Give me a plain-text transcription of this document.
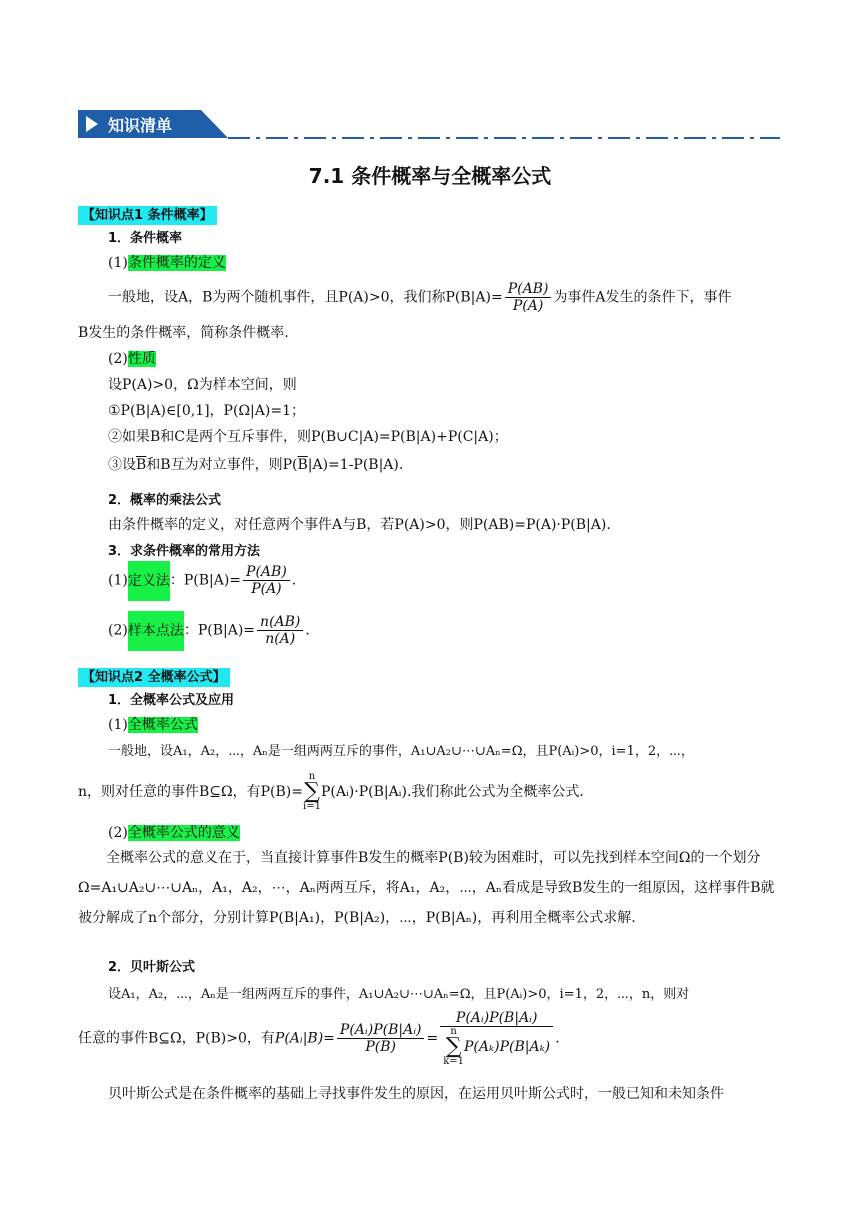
知识清单
7.1 条件概率与全概率公式
【知识点1 条件概率】
1．条件概率
(1)条件概率的定义
一般地，设A，B为两个随机事件，且P(A)>0，我们称$P(B|A)= \frac{P(AB)}{P(A)}$ 为事件A发生的条件下，事件
B发生的条件概率，简称条件概率.
(2)性质
设P(A)>0，Ω为样本空间，则
①P(B|A)∈[0,1]，P(Ω|A)=1；
②如果B和C是两个互斥事件，则P(B∪C|A)=P(B|A)+P(C|A)；
③设$\overline{B}$和B互为对立事件，则$P(\overline{B}|A)=1-P(B|A)$.
2．概率的乘法公式
由条件概率的定义，对任意两个事件A与B，若P(A)>0，则P(AB)=P(A)·P(B|A).
3．求条件概率的常用方法
(1)定义法：$P(B|A)= \frac{P(AB)}{P(A)}$ .
(2)样本点法：$P(B|A)= \frac{n(AB)}{n(A)}$ .
【知识点2 全概率公式】
1．全概率公式及应用
(1)全概率公式
一般地，设A₁，A₂，⋯，Aₙ是一组两两互斥的事件，A₁∪A₂∪⋯∪Aₙ=Ω，且P(Aᵢ)>0，i=1，2，⋯，
n，则对任意的事件B⊆Ω，有P(B)=n
∑
i=1P(Aᵢ)·P(B|Aᵢ).我们称此公式为全概率公式.
(2)全概率公式的意义
全概率公式的意义在于，当直接计算事件B发生的概率P(B)较为困难时，可以先找到样本空间Ω的一个划分Ω=A₁∪A₂∪⋯∪Aₙ，A₁，A₂，⋯，Aₙ两两互斥，将A₁，A₂，⋯，Aₙ看成是导致B发生的一组原因，这样事件B就被分解成了n个部分，分别计算P(B|A₁)，P(B|A₂)，⋯，P(B|Aₙ)，再利用全概率公式求解.
2．贝叶斯公式
设A₁，A₂，⋯，Aₙ是一组两两互斥的事件，A₁∪A₂∪⋯∪Aₙ=Ω，且P(Aᵢ)>0，i=1，2，⋯，n，则对
任意的事件B⊆Ω，P(B)>0，有P(Aᵢ|B)= $\frac{\text{P(Aᵢ)P(B|Aᵢ)}}{P(B)}$ = P(Aᵢ)P(B|Aᵢ)
n
∑
k=1P(Aₖ)P(B|Aₖ) .
贝叶斯公式是在条件概率的基础上寻找事件发生的原因，在运用贝叶斯公式时，一般已知和未知条件
